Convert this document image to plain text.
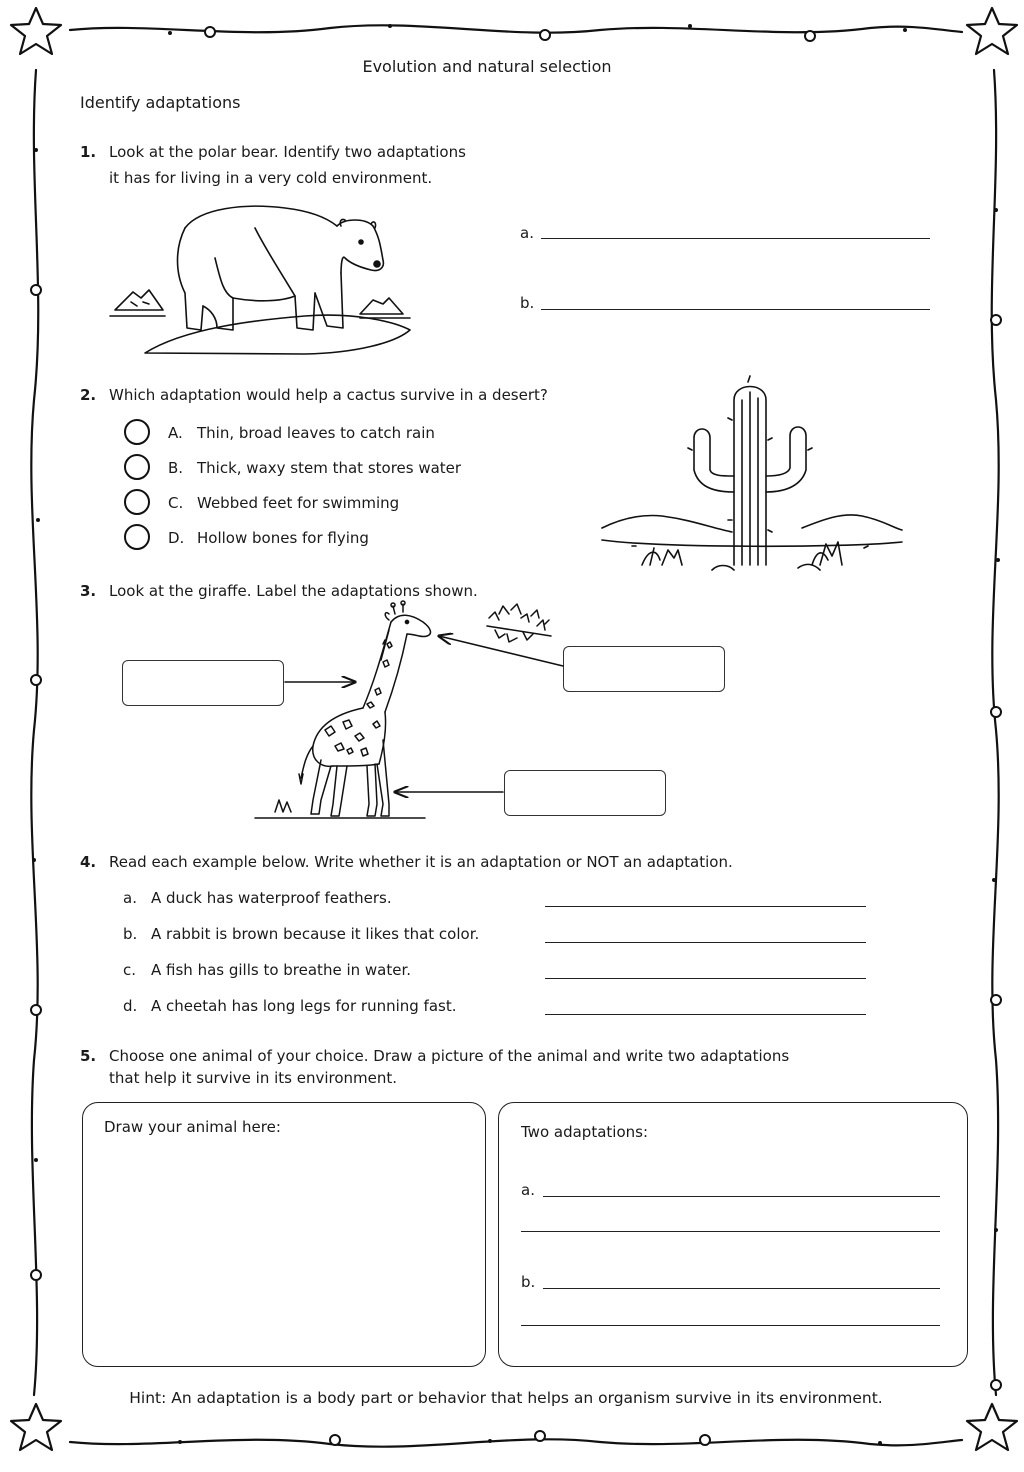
Evolution and natural selection
Identify adaptations
1. Look at the polar bear. Identify two adaptations
it has for living in a very cold environment.
a.
b.
2. Which adaptation would help a cactus survive in a desert?
A. Thin, broad leaves to catch rain
B. Thick, waxy stem that stores water
C. Webbed feet for swimming
D. Hollow bones for flying
3. Look at the giraffe. Label the adaptations shown.
4. Read each example below. Write whether it is an adaptation or NOT an adaptation.
a. A duck has waterproof feathers.
b. A rabbit is brown because it likes that color.
c. A fish has gills to breathe in water.
d. A cheetah has long legs for running fast.
5. Choose one animal of your choice. Draw a picture of the animal and write two adaptations
that help it survive in its environment.
Draw your animal here:	Two adaptations:
a.
b.
Hint: An adaptation is a body part or behavior that helps an organism survive in its environment.
